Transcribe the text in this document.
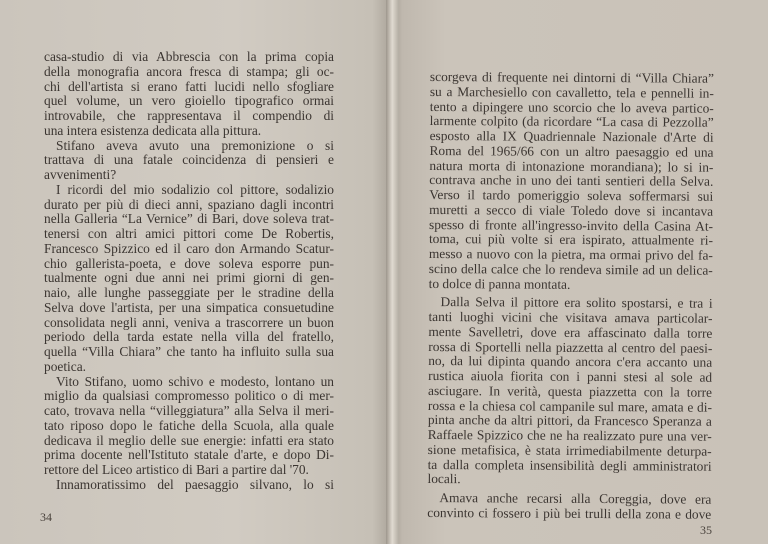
casa-studio di via Abbrescia con la prima copia
della monografia ancora fresca di stampa; gli oc-
chi dell'artista si erano fatti lucidi nello sfogliare
quel volume, un vero gioiello tipografico ormai
introvabile, che rappresentava il compendio di
una intera esistenza dedicata alla pittura.
Stifano aveva avuto una premonizione o si
trattava di una fatale coincidenza di pensieri e
avvenimenti?
I ricordi del mio sodalizio col pittore, sodalizio
durato per più di dieci anni, spaziano dagli incontri
nella Galleria “La Vernice” di Bari, dove soleva trat-
tenersi con altri amici pittori come De Robertis,
Francesco Spizzico ed il caro don Armando Scatur-
chio gallerista-poeta, e dove soleva esporre pun-
tualmente ogni due anni nei primi giorni di gen-
naio, alle lunghe passeggiate per le stradine della
Selva dove l'artista, per una simpatica consuetudine
consolidata negli anni, veniva a trascorrere un buon
periodo della tarda estate nella villa del fratello,
quella “Villa Chiara” che tanto ha influito sulla sua
poetica.
Vito Stifano, uomo schivo e modesto, lontano un
miglio da qualsiasi compromesso politico o di mer-
cato, trovava nella “villeggiatura” alla Selva il meri-
tato riposo dopo le fatiche della Scuola, alla quale
dedicava il meglio delle sue energie: infatti era stato
prima docente nell'Istituto statale d'arte, e dopo Di-
rettore del Liceo artistico di Bari a partire dal '70.
Innamoratissimo del paesaggio silvano, lo si
34
scorgeva di frequente nei dintorni di “Villa Chiara”
su a Marchesiello con cavalletto, tela e pennelli in-
tento a dipingere uno scorcio che lo aveva partico-
larmente colpito (da ricordare “La casa di Pezzolla”
esposto alla IX Quadriennale Nazionale d'Arte di
Roma del 1965/66 con un altro paesaggio ed una
natura morta di intonazione morandiana); lo si in-
contrava anche in uno dei tanti sentieri della Selva.
Verso il tardo pomeriggio soleva soffermarsi sui
muretti a secco di viale Toledo dove si incantava
spesso di fronte all'ingresso-invito della Casina At-
toma, cui più volte si era ispirato, attualmente ri-
messo a nuovo con la pietra, ma ormai privo del fa-
scino della calce che lo rendeva simile ad un delica-
to dolce di panna montata.
Dalla Selva il pittore era solito spostarsi, e tra i
tanti luoghi vicini che visitava amava particolar-
mente Savelletri, dove era affascinato dalla torre
rossa di Sportelli nella piazzetta al centro del paesi-
no, da lui dipinta quando ancora c'era accanto una
rustica aiuola fiorita con i panni stesi al sole ad
asciugare. In verità, questa piazzetta con la torre
rossa e la chiesa col campanile sul mare, amata e di-
pinta anche da altri pittori, da Francesco Speranza a
Raffaele Spizzico che ne ha realizzato pure una ver-
sione metafisica, è stata irrimediabilmente deturpa-
ta dalla completa insensibilità degli amministratori
locali.
Amava anche recarsi alla Coreggia, dove era
convinto ci fossero i più bei trulli della zona e dove
35
